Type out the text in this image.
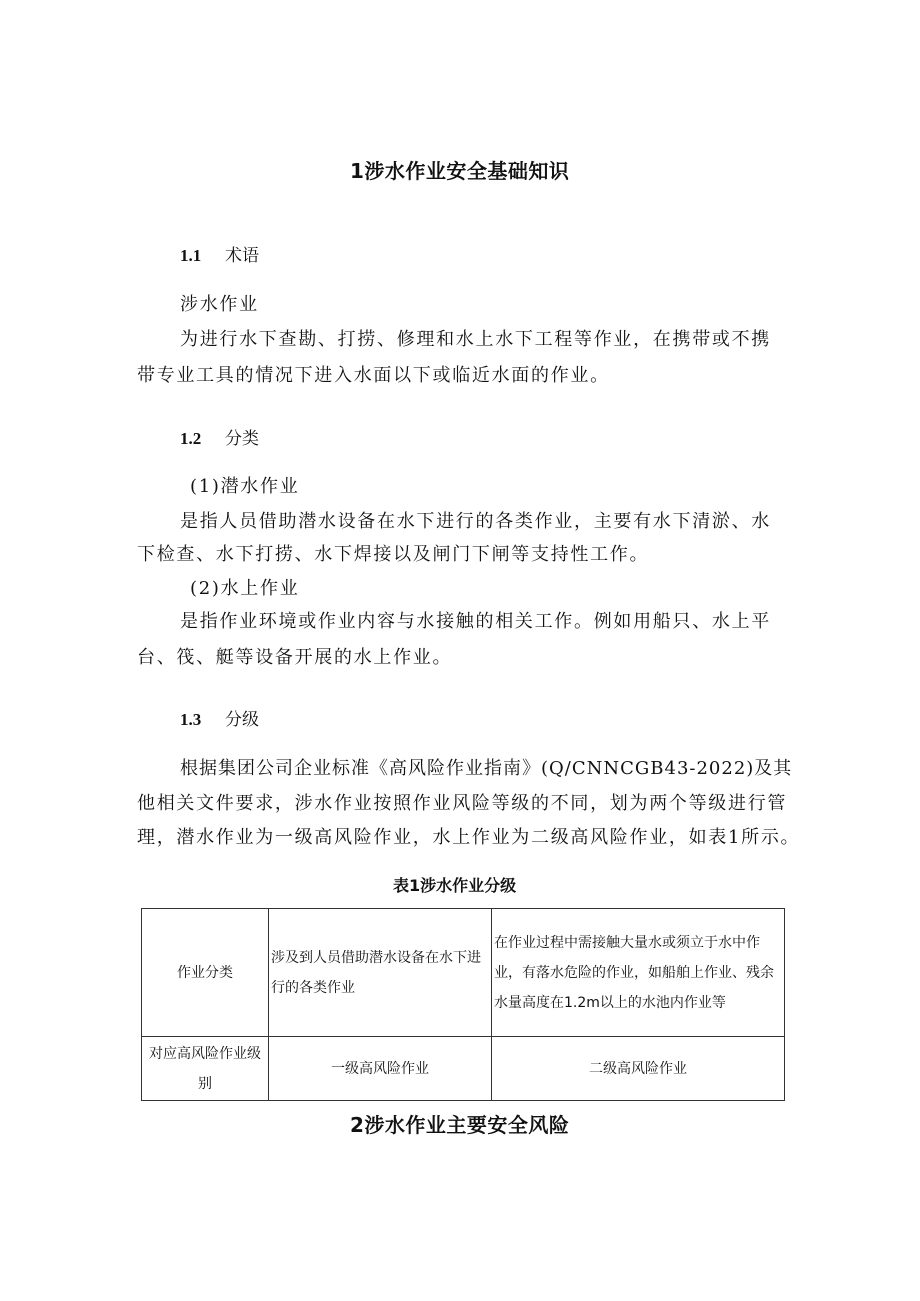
1涉水作业安全基础知识
1.1 术语
涉水作业
为进行水下查勘、打捞、修理和水上水下工程等作业，在携带或不携
带专业工具的情况下进入水面以下或临近水面的作业。
1.2 分类
(1)潜水作业
是指人员借助潜水设备在水下进行的各类作业，主要有水下清淤、水
下检查、水下打捞、水下焊接以及闸门下闸等支持性工作。
(2)水上作业
是指作业环境或作业内容与水接触的相关工作。例如用船只、水上平
台、筏、艇等设备开展的水上作业。
1.3 分级
根据集团公司企业标准《高风险作业指南》(Q/CNNCGB43-2022)及其
他相关文件要求，涉水作业按照作业风险等级的不同，划为两个等级进行管
理，潜水作业为一级高风险作业，水上作业为二级高风险作业，如表1所示。
表1涉水作业分级
作业分类	涉及到人员借助潜水设备在水下进行的各类作业	在作业过程中需接触大量水或须立于水中作业，有落水危险的作业，如船舶上作业、残余水量高度在1.2m以上的水池内作业等
对应高风险作业级别	一级高风险作业	二级高风险作业
2涉水作业主要安全风险
